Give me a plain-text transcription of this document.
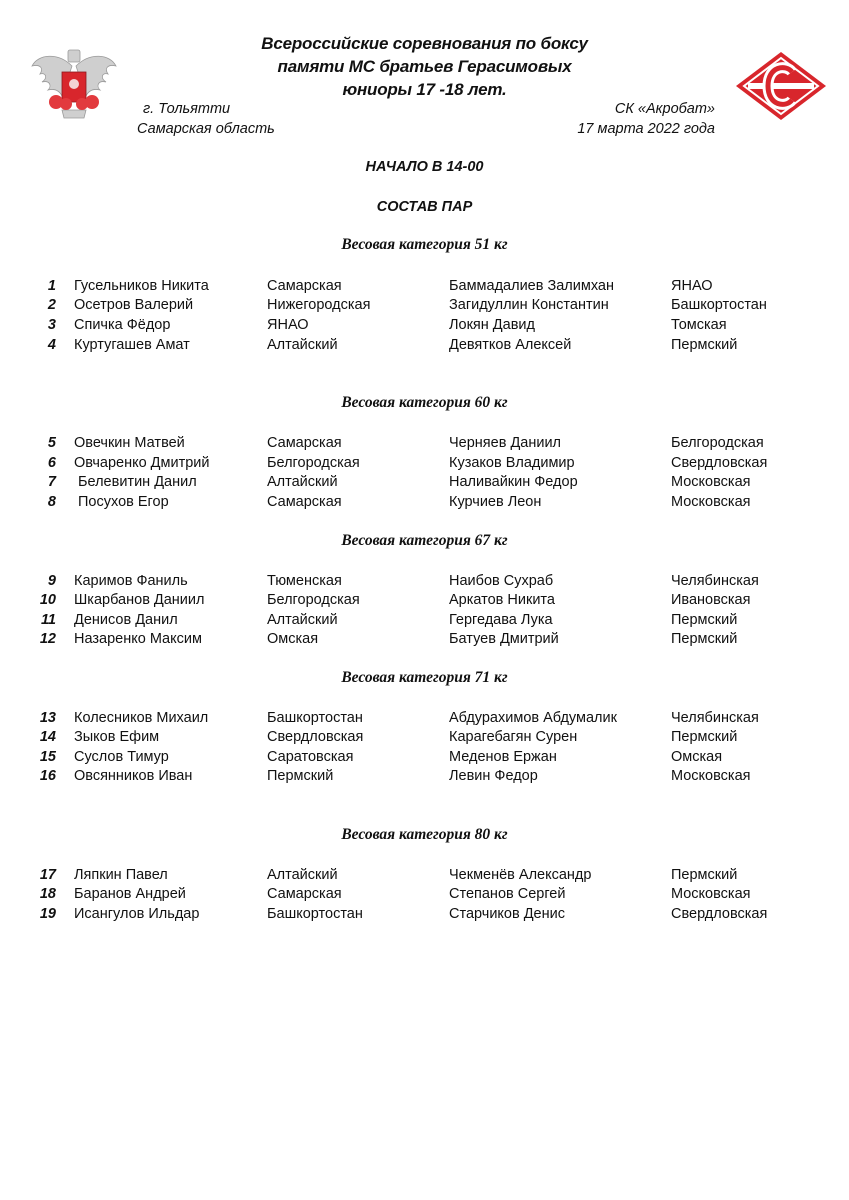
Всероссийские соревнования по боксу
памяти МС братьев Герасимовых
юниоры 17 -18 лет.
г. Тольятти
Самарская область
СК «Акробат»
17 марта 2022 года
НАЧАЛО В 14-00
СОСТАВ ПАР
Весовая категория 51 кг
1 Гусельников Никита	Самарская	Баммадалиев Залимхан	ЯНАО
2 Осетров Валерий	Нижегородская	Загидуллин Константин	Башкортостан
3 Спичка Фёдор	ЯНАО	Локян Давид	Томская
4 Куртугашев Амат	Алтайский	Девятков Алексей	Пермский
Весовая категория 60 кг
5 Овечкин Матвей	Самарская	Черняев Даниил	Белгородская
6 Овчаренко Дмитрий	Белгородская	Кузаков Владимир	Свердловская
7 Белевитин Данил	Алтайский	Наливайкин Федор	Московская
8 Посухов Егор	Самарская	Курчиев Леон	Московская
Весовая категория 67 кг
9 Каримов Фаниль	Тюменская	Наибов Сухраб	Челябинская
10 Шкарбанов Даниил	Белгородская	Аркатов Никита	Ивановская
11 Денисов Данил	Алтайский	Гергедава Лука	Пермский
12 Назаренко Максим	Омская	Батуев Дмитрий	Пермский
Весовая категория 71 кг
13 Колесников Михаил	Башкортостан	Абдурахимов Абдумалик	Челябинская
14 Зыков Ефим	Свердловская	Карагебагян Сурен	Пермский
15 Суслов Тимур	Саратовская	Меденов Ержан	Омская
16 Овсянников Иван	Пермский	Левин Федор	Московская
Весовая категория 80 кг
17 Ляпкин Павел	Алтайский	Чекменёв Александр	Пермский
18 Баранов Андрей	Самарская	Степанов Сергей	Московская
19 Исангулов Ильдар	Башкортостан	Старчиков Денис	Свердловская
